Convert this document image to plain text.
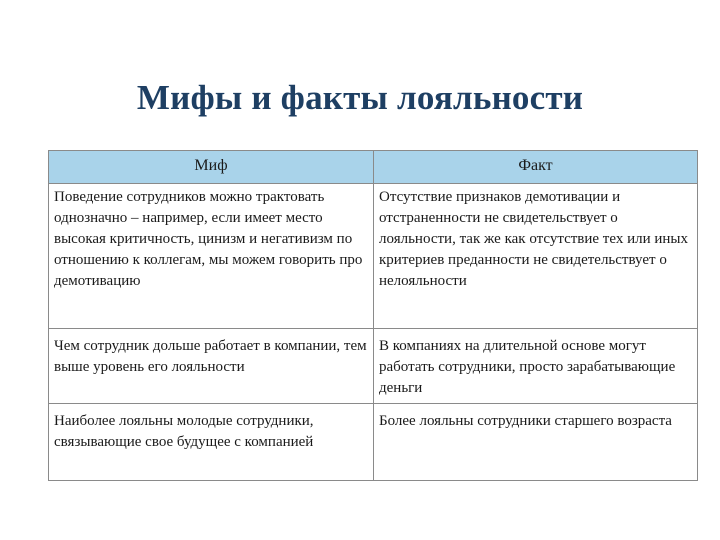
Мифы и факты лояльности
Миф	Факт
Поведение сотрудников можно трактовать однозначно – например, если имеет место высокая критичность, цинизм и негативизм по отношению к коллегам, мы можем говорить про демотивацию	Отсутствие признаков демотивации и отстраненности не свидетельствует о лояльности, так же как отсутствие тех или иных критериев преданности не свидетельствует о нелояльности
Чем сотрудник дольше работает в компании, тем выше уровень его лояльности	В компаниях на длительной основе могут работать сотрудники, просто зарабатывающие деньги
Наиболее лояльны молодые сотрудники, связывающие свое будущее с компанией	Более лояльны сотрудники старшего возраста
